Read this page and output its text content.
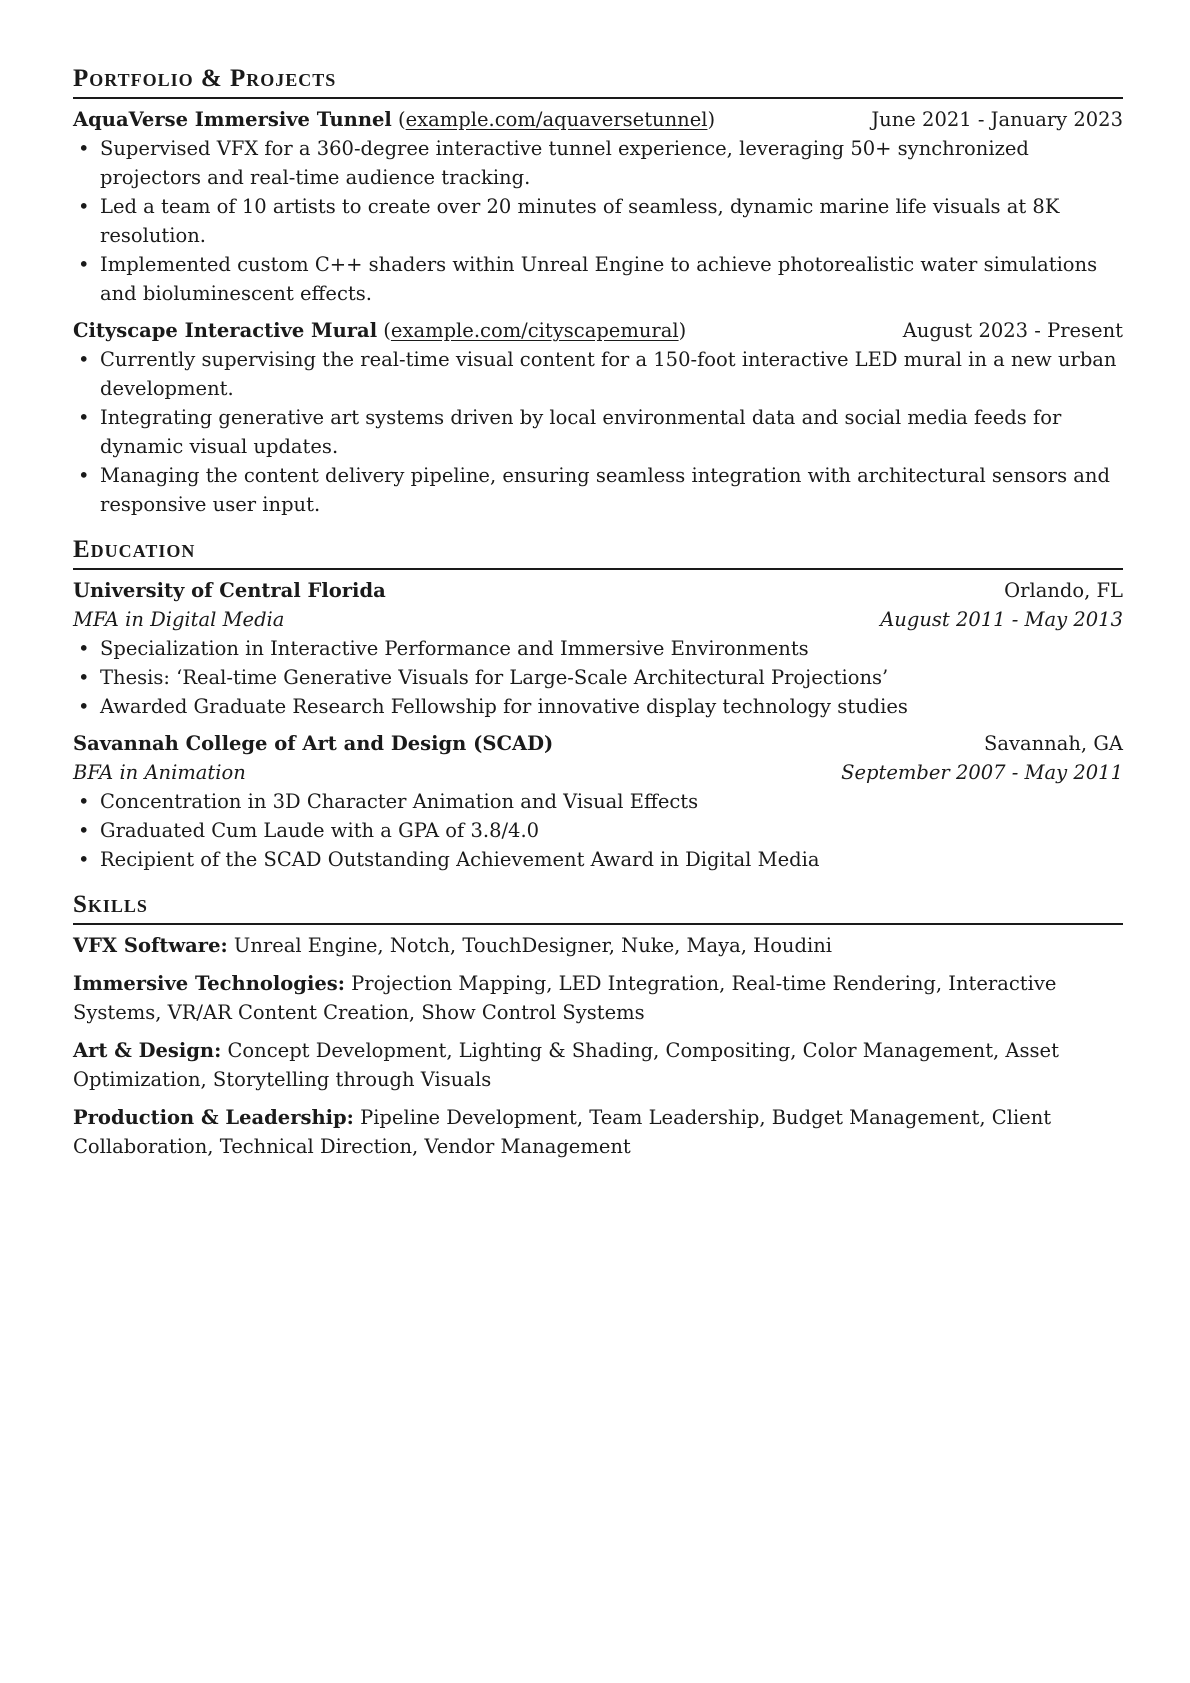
Portfolio & Projects
AquaVerse Immersive Tunnel (example.com/aquaversetunnel)	June 2021 - January 2023
• Supervised VFX for a 360-degree interactive tunnel experience, leveraging 50+ synchronized projectors and real-time audience tracking.
• Led a team of 10 artists to create over 20 minutes of seamless, dynamic marine life visuals at 8K resolution.
• Implemented custom C++ shaders within Unreal Engine to achieve photorealistic water simulations and bioluminescent effects.
Cityscape Interactive Mural (example.com/cityscapemural)	August 2023 - Present
• Currently supervising the real-time visual content for a 150-foot interactive LED mural in a new urban development.
• Integrating generative art systems driven by local environmental data and social media feeds for dynamic visual updates.
• Managing the content delivery pipeline, ensuring seamless integration with architectural sensors and responsive user input.
Education
University of Central Florida	Orlando, FL
MFA in Digital Media	August 2011 - May 2013
• Specialization in Interactive Performance and Immersive Environments
• Thesis: ‘Real-time Generative Visuals for Large-Scale Architectural Projections’
• Awarded Graduate Research Fellowship for innovative display technology studies
Savannah College of Art and Design (SCAD)	Savannah, GA
BFA in Animation	September 2007 - May 2011
• Concentration in 3D Character Animation and Visual Effects
• Graduated Cum Laude with a GPA of 3.8/4.0
• Recipient of the SCAD Outstanding Achievement Award in Digital Media
Skills
VFX Software: Unreal Engine, Notch, TouchDesigner, Nuke, Maya, Houdini
Immersive Technologies: Projection Mapping, LED Integration, Real-time Rendering, Interactive Systems, VR/AR Content Creation, Show Control Systems
Art & Design: Concept Development, Lighting & Shading, Compositing, Color Management, Asset Optimization, Storytelling through Visuals
Production & Leadership: Pipeline Development, Team Leadership, Budget Management, Client Collaboration, Technical Direction, Vendor Management
